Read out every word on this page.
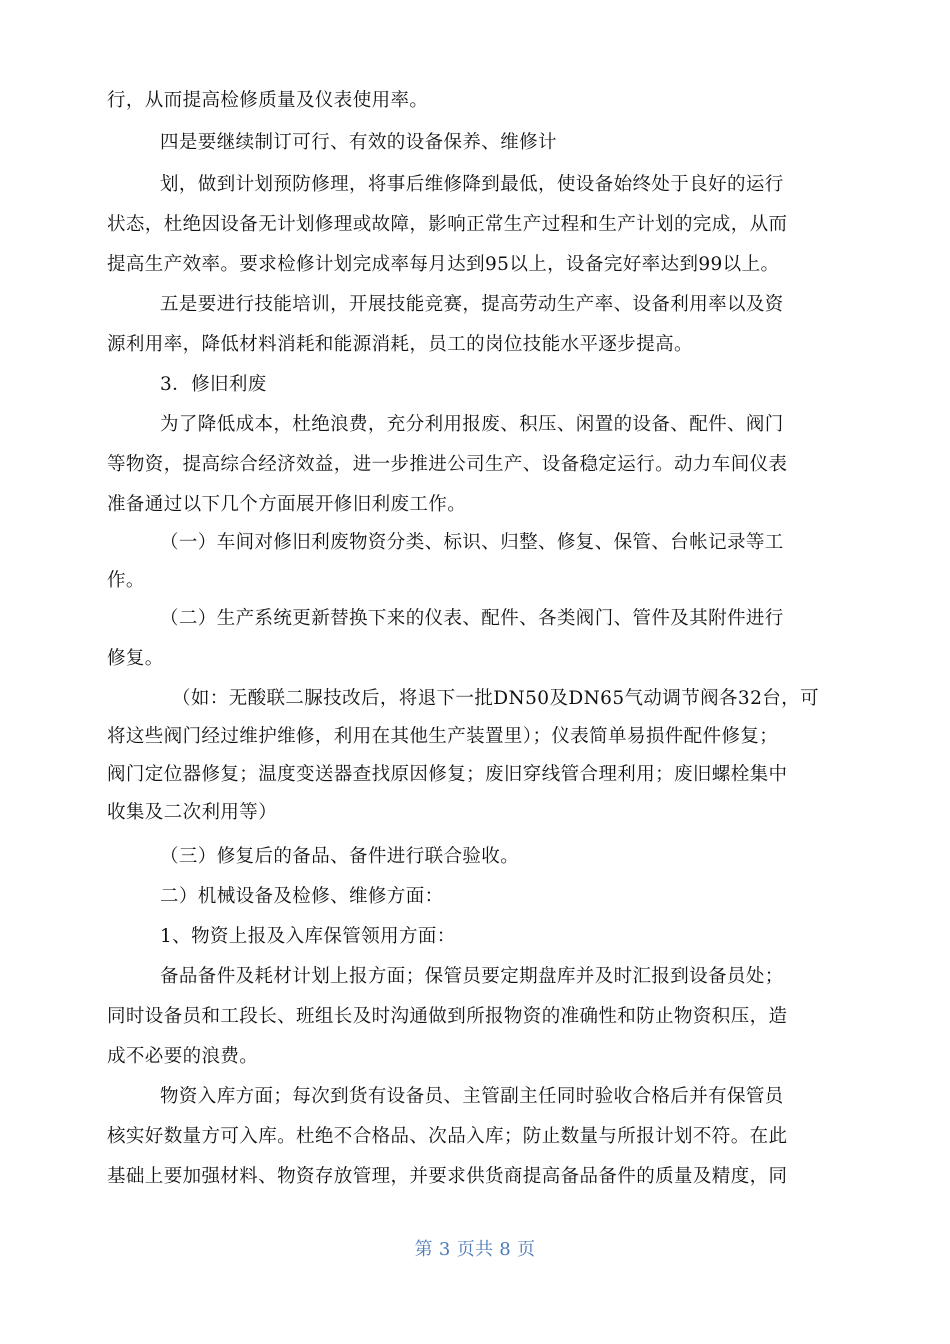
行，从而提高检修质量及仪表使用率。
四是要继续制订可行、有效的设备保养、维修计
划，做到计划预防修理，将事后维修降到最低，使设备始终处于良好的运行
状态，杜绝因设备无计划修理或故障，影响正常生产过程和生产计划的完成，从而
提高生产效率。要求检修计划完成率每月达到95以上，设备完好率达到99以上。
五是要进行技能培训，开展技能竞赛，提高劳动生产率、设备利用率以及资
源利用率，降低材料消耗和能源消耗，员工的岗位技能水平逐步提高。
3．修旧利废
为了降低成本，杜绝浪费，充分利用报废、积压、闲置的设备、配件、阀门
等物资，提高综合经济效益，进一步推进公司生产、设备稳定运行。动力车间仪表
准备通过以下几个方面展开修旧利废工作。
（一）车间对修旧利废物资分类、标识、归整、修复、保管、台帐记录等工
作。
（二）生产系统更新替换下来的仪表、配件、各类阀门、管件及其附件进行
修复。
（如：无酸联二脲技改后，将退下一批DN50及DN65气动调节阀各32台，可
将这些阀门经过维护维修，利用在其他生产装置里）；仪表简单易损件配件修复；
阀门定位器修复；温度变送器查找原因修复；废旧穿线管合理利用；废旧螺栓集中
收集及二次利用等）
（三）修复后的备品、备件进行联合验收。
二）机械设备及检修、维修方面：
1、物资上报及入库保管领用方面：
备品备件及耗材计划上报方面；保管员要定期盘库并及时汇报到设备员处；
同时设备员和工段长、班组长及时沟通做到所报物资的准确性和防止物资积压，造
成不必要的浪费。
物资入库方面；每次到货有设备员、主管副主任同时验收合格后并有保管员
核实好数量方可入库。杜绝不合格品、次品入库；防止数量与所报计划不符。在此
基础上要加强材料、物资存放管理，并要求供货商提高备品备件的质量及精度，同
第 3 页共 8 页
